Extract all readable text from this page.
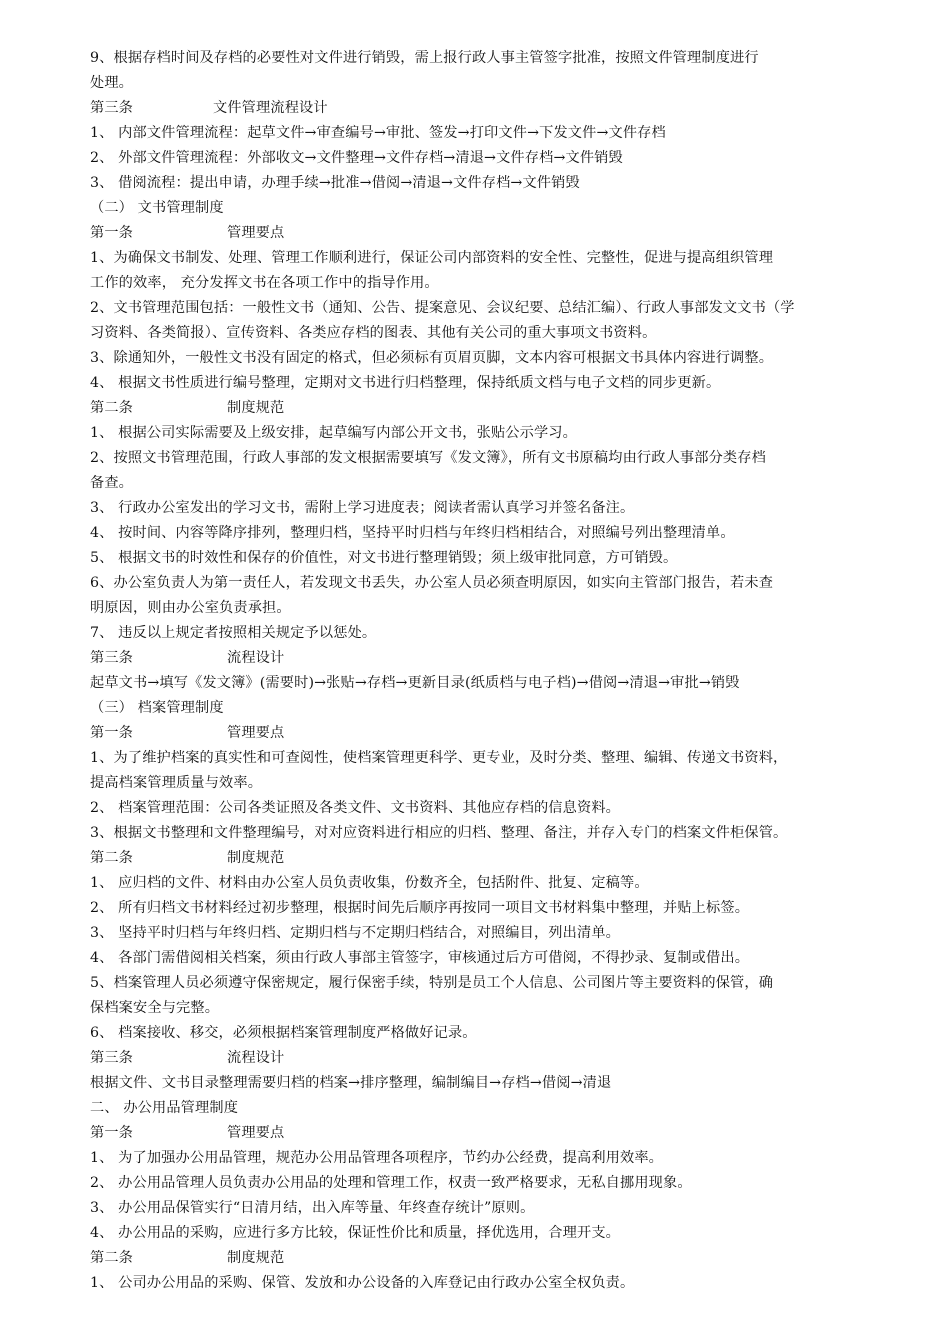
9、根据存档时间及存档的必要性对文件进行销毁，需上报行政人事主管签字批准，按照文件管理制度进行
处理。
第三条	文件管理流程设计
1、 内部文件管理流程：起草文件→审查编号→审批、签发→打印文件→下发文件→文件存档
2、 外部文件管理流程：外部收文→文件整理→文件存档→清退→文件存档→文件销毁
3、 借阅流程：提出申请，办理手续→批准→借阅→清退→文件存档→文件销毁
（二） 文书管理制度
第一条	管理要点
1、为确保文书制发、处理、管理工作顺利进行，保证公司内部资料的安全性、完整性，促进与提高组织管理
工作的效率， 充分发挥文书在各项工作中的指导作用。
2、文书管理范围包括：一般性文书（通知、公告、提案意见、会议纪要、总结汇编）、行政人事部发文文书（学
习资料、各类简报）、宣传资料、各类应存档的图表、其他有关公司的重大事项文书资料。
3、除通知外，一般性文书没有固定的格式，但必须标有页眉页脚，文本内容可根据文书具体内容进行调整。
4、 根据文书性质进行编号整理，定期对文书进行归档整理，保持纸质文档与电子文档的同步更新。
第二条	制度规范
1、 根据公司实际需要及上级安排，起草编写内部公开文书，张贴公示学习。
2、按照文书管理范围，行政人事部的发文根据需要填写《发文簿》，所有文书原稿均由行政人事部分类存档
备查。
3、 行政办公室发出的学习文书，需附上学习进度表；阅读者需认真学习并签名备注。
4、 按时间、内容等降序排列，整理归档，坚持平时归档与年终归档相结合，对照编号列出整理清单。
5、 根据文书的时效性和保存的价值性，对文书进行整理销毁；须上级审批同意，方可销毁。
6、办公室负责人为第一责任人，若发现文书丢失，办公室人员必须查明原因，如实向主管部门报告，若未查
明原因，则由办公室负责承担。
7、 违反以上规定者按照相关规定予以惩处。
第三条	流程设计
起草文书→填写《发文簿》(需要时)→张贴→存档→更新目录(纸质档与电子档)→借阅→清退→审批→销毁
（三） 档案管理制度
第一条	管理要点
1、为了维护档案的真实性和可查阅性，使档案管理更科学、更专业，及时分类、整理、编辑、传递文书资料，
提高档案管理质量与效率。
2、 档案管理范围：公司各类证照及各类文件、文书资料、其他应存档的信息资料。
3、根据文书整理和文件整理编号，对对应资料进行相应的归档、整理、备注，并存入专门的档案文件柜保管。
第二条	制度规范
1、 应归档的文件、材料由办公室人员负责收集，份数齐全，包括附件、批复、定稿等。
2、 所有归档文书材料经过初步整理，根据时间先后顺序再按同一项目文书材料集中整理，并贴上标签。
3、 坚持平时归档与年终归档、定期归档与不定期归档结合，对照编目，列出清单。
4、 各部门需借阅相关档案，须由行政人事部主管签字，审核通过后方可借阅，不得抄录、复制或借出。
5、档案管理人员必须遵守保密规定，履行保密手续，特别是员工个人信息、公司图片等主要资料的保管，确
保档案安全与完整。
6、 档案接收、移交，必须根据档案管理制度严格做好记录。
第三条	流程设计
根据文件、文书目录整理需要归档的档案→排序整理，编制编目→存档→借阅→清退
二、 办公用品管理制度
第一条	管理要点
1、 为了加强办公用品管理，规范办公用品管理各项程序，节约办公经费，提高利用效率。
2、 办公用品管理人员负责办公用品的处理和管理工作，权责一致严格要求，无私自挪用现象。
3、 办公用品保管实行“日清月结，出入库等量、年终查存统计”原则。
4、 办公用品的采购，应进行多方比较，保证性价比和质量，择优选用，合理开支。
第二条	制度规范
1、 公司办公用品的采购、保管、发放和办公设备的入库登记由行政办公室全权负责。
